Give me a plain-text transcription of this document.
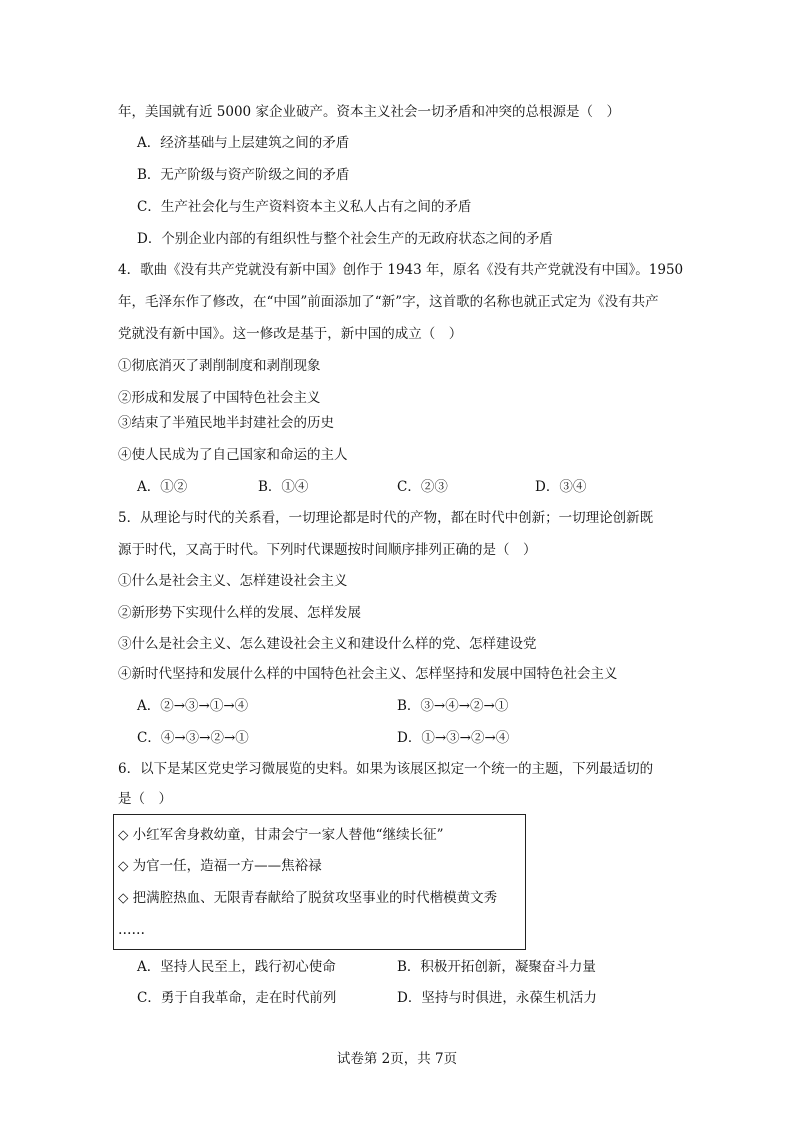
年，美国就有近 5000 家企业破产。资本主义社会一切矛盾和冲突的总根源是（　）
A．经济基础与上层建筑之间的矛盾
B．无产阶级与资产阶级之间的矛盾
C．生产社会化与生产资料资本主义私人占有之间的矛盾
D．个别企业内部的有组织性与整个社会生产的无政府状态之间的矛盾
4．歌曲《没有共产党就没有新中国》创作于 1943 年，原名《没有共产党就没有中国》。1950
年，毛泽东作了修改，在“中国”前面添加了“新”字，这首歌的名称也就正式定为《没有共产
党就没有新中国》。这一修改是基于，新中国的成立（　）
①彻底消灭了剥削制度和剥削现象
②形成和发展了中国特色社会主义
③结束了半殖民地半封建社会的历史
④使人民成为了自己国家和命运的主人
A．①②	B．①④	C．②③	D．③④
5．从理论与时代的关系看，一切理论都是时代的产物，都在时代中创新；一切理论创新既
源于时代，又高于时代。下列时代课题按时间顺序排列正确的是（　）
①什么是社会主义、怎样建设社会主义
②新形势下实现什么样的发展、怎样发展
③什么是社会主义、怎么建设社会主义和建设什么样的党、怎样建设党
④新时代坚持和发展什么样的中国特色社会主义、怎样坚持和发展中国特色社会主义
A．②→③→①→④	B．③→④→②→①
C．④→③→②→①	D．①→③→②→④
6．以下是某区党史学习微展览的史料。如果为该展区拟定一个统一的主题，下列最适切的
是（　）
◇ 小红军舍身救幼童，甘肃会宁一家人替他“继续长征”
◇ 为官一任，造福一方——焦裕禄
◇ 把满腔热血、无限青春献给了脱贫攻坚事业的时代楷模黄文秀
……
A．坚持人民至上，践行初心使命	B．积极开拓创新，凝聚奋斗力量
C．勇于自我革命，走在时代前列	D．坚持与时俱进，永葆生机活力
试卷第 2页，共 7页
